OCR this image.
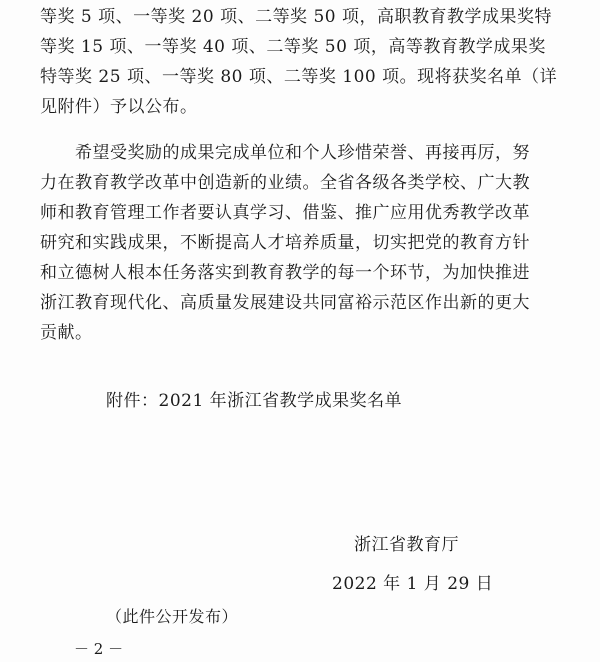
等奖 5 项、一等奖 20 项、二等奖 50 项，高职教育教学成果奖特
等奖 15 项、一等奖 40 项、二等奖 50 项，高等教育教学成果奖
特等奖 25 项、一等奖 80 项、二等奖 100 项。现将获奖名单（详
见附件）予以公布。
　　希望受奖励的成果完成单位和个人珍惜荣誉、再接再厉，努
力在教育教学改革中创造新的业绩。全省各级各类学校、广大教
师和教育管理工作者要认真学习、借鉴、推广应用优秀教学改革
研究和实践成果，不断提高人才培养质量，切实把党的教育方针
和立德树人根本任务落实到教育教学的每一个环节，为加快推进
浙江教育现代化、高质量发展建设共同富裕示范区作出新的更大
贡献。
附件：2021 年浙江省教学成果奖名单
浙江省教育厅
2022 年 1 月 29 日
（此件公开发布）
－ 2 －
